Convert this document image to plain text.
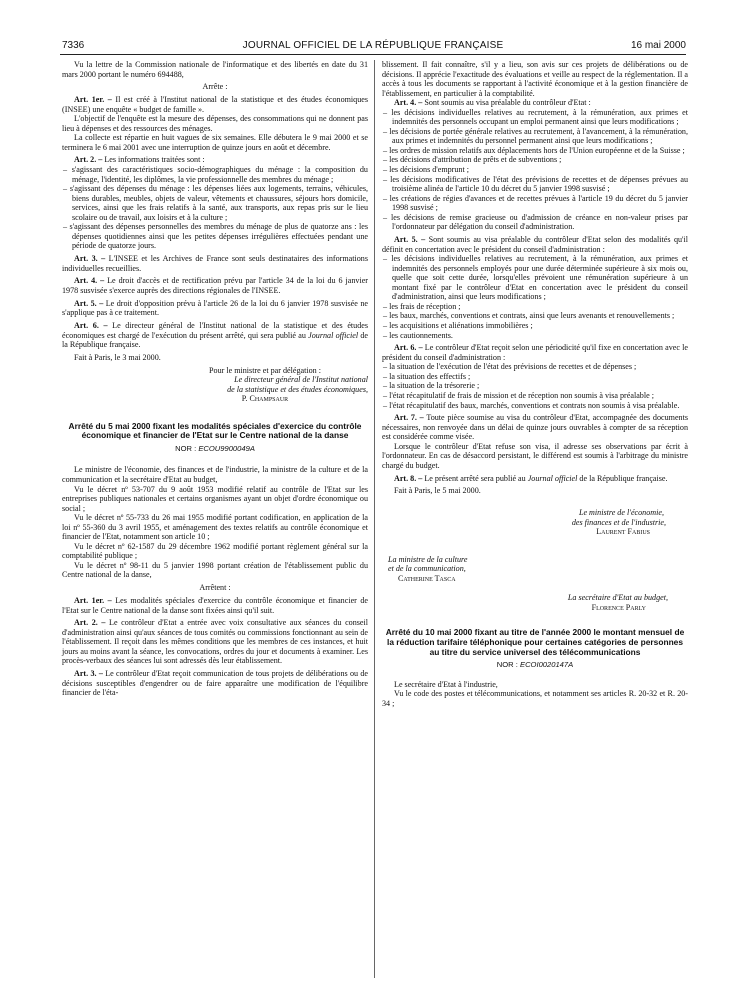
7336	JOURNAL OFFICIEL DE LA RÉPUBLIQUE FRANÇAISE	16 mai 2000

Vu la lettre de la Commission nationale de l'informatique et des libertés en date du 31 mars 2000 portant le numéro 694488,

Arrête :

Art. 1er. – Il est créé à l'Institut national de la statistique et des études économiques (INSEE) une enquête « budget de famille ».

L'objectif de l'enquête est la mesure des dépenses, des consommations qui ne donnent pas lieu à dépenses et des ressources des ménages.

La collecte est répartie en huit vagues de six semaines. Elle débutera le 9 mai 2000 et se terminera le 6 mai 2001 avec une interruption de quinze jours en août et décembre.

Art. 2. – Les informations traitées sont :

– s'agissant des caractéristiques socio-démographiques du ménage : la composition du ménage, l'identité, les diplômes, la vie professionnelle des membres du ménage ;

– s'agissant des dépenses du ménage : les dépenses liées aux logements, terrains, véhicules, biens durables, meubles, objets de valeur, vêtements et chaussures, séjours hors domicile, services, ainsi que les frais relatifs à la santé, aux transports, aux repas pris sur le lieu scolaire ou de travail, aux loisirs et à la culture ;

– s'agissant des dépenses personnelles des membres du ménage de plus de quatorze ans : les dépenses quotidiennes ainsi que les petites dépenses irrégulières effectuées pendant une période de quatorze jours.

Art. 3. – L'INSEE et les Archives de France sont seuls destinataires des informations individuelles recueillies.

Art. 4. – Le droit d'accès et de rectification prévu par l'article 34 de la loi du 6 janvier 1978 susvisée s'exerce auprès des directions régionales de l'INSEE.

Art. 5. – Le droit d'opposition prévu à l'article 26 de la loi du 6 janvier 1978 susvisée ne s'applique pas à ce traitement.

Art. 6. – Le directeur général de l'Institut national de la statistique et des études économiques est chargé de l'exécution du présent arrêté, qui sera publié au Journal officiel de la République française.

Fait à Paris, le 3 mai 2000.

Pour le ministre et par délégation :

Le directeur général de l'Institut national

de la statistique et des études économiques,

P. Champsaur

Arrêté du 5 mai 2000 fixant les modalités spéciales d'exercice du contrôle économique et financier de l'Etat sur le Centre national de la danse

NOR : ECOU9900049A

Le ministre de l'économie, des finances et de l'industrie, la ministre de la culture et de la communication et la secrétaire d'Etat au budget,

Vu le décret nº 53-707 du 9 août 1953 modifié relatif au contrôle de l'Etat sur les entreprises publiques nationales et certains organismes ayant un objet d'ordre économique ou social ;

Vu le décret nº 55-733 du 26 mai 1955 modifié portant codification, en application de la loi nº 55-360 du 3 avril 1955, et aménagement des textes relatifs au contrôle économique et financier de l'Etat, notamment son article 10 ;

Vu le décret nº 62-1587 du 29 décembre 1962 modifié portant règlement général sur la comptabilité publique ;

Vu le décret nº 98-11 du 5 janvier 1998 portant création de l'établissement public du Centre national de la danse,

Arrêtent :

Art. 1er. – Les modalités spéciales d'exercice du contrôle économique et financier de l'Etat sur le Centre national de la danse sont fixées ainsi qu'il suit.

Art. 2. – Le contrôleur d'Etat a entrée avec voix consultative aux séances du conseil d'administration ainsi qu'aux séances de tous comités ou commissions fonctionnant au sein de l'établissement. Il reçoit dans les mêmes conditions que les membres de ces instances, et huit jours au moins avant la séance, les convocations, ordres du jour et documents à examiner. Les procès-verbaux des séances lui sont adressés dès leur établissement.

Art. 3. – Le contrôleur d'Etat reçoit communication de tous projets de délibérations ou de décisions susceptibles d'engendrer ou de faire apparaître une modification de l'équilibre financier de l'éta-

blissement. Il fait connaître, s'il y a lieu, son avis sur ces projets de délibérations ou de décisions. Il apprécie l'exactitude des évaluations et veille au respect de la réglementation. Il a accès à tous les documents se rapportant à l'activité économique et à la gestion financière de l'établissement, en particulier à la comptabilité.

Art. 4. – Sont soumis au visa préalable du contrôleur d'Etat :

– les décisions individuelles relatives au recrutement, à la rémunération, aux primes et indemnités des personnels occupant un emploi permanent ainsi que leurs modifications ;

– les décisions de portée générale relatives au recrutement, à l'avancement, à la rémunération, aux primes et indemnités du personnel permanent ainsi que leurs modifications ;

– les ordres de mission relatifs aux déplacements hors de l'Union européenne et de la Suisse ;

– les décisions d'attribution de prêts et de subventions ;

– les décisions d'emprunt ;

– les décisions modificatives de l'état des prévisions de recettes et de dépenses prévues au troisième alinéa de l'article 10 du décret du 5 janvier 1998 susvisé ;

– les créations de régies d'avances et de recettes prévues à l'article 19 du décret du 5 janvier 1998 susvisé ;

– les décisions de remise gracieuse ou d'admission de créance en non-valeur prises par l'ordonnateur par délégation du conseil d'administration.

Art. 5. – Sont soumis au visa préalable du contrôleur d'Etat selon des modalités qu'il définit en concertation avec le président du conseil d'administration :

– les décisions individuelles relatives au recrutement, à la rémunération, aux primes et indemnités des personnels employés pour une durée déterminée supérieure à six mois ou, quelle que soit cette durée, lorsqu'elles prévoient une rémunération supérieure à un montant fixé par le contrôleur d'Etat en concertation avec le président du conseil d'administration, ainsi que leurs modifications ;

– les frais de réception ;

– les baux, marchés, conventions et contrats, ainsi que leurs avenants et renouvellements ;

– les acquisitions et aliénations immobilières ;

– les cautionnements.

Art. 6. – Le contrôleur d'Etat reçoit selon une périodicité qu'il fixe en concertation avec le président du conseil d'administration :

– la situation de l'exécution de l'état des prévisions de recettes et de dépenses ;

– la situation des effectifs ;

– la situation de la trésorerie ;

– l'état récapitulatif de frais de mission et de réception non soumis à visa préalable ;

– l'état récapitulatif des baux, marchés, conventions et contrats non soumis à visa préalable.

Art. 7. – Toute pièce soumise au visa du contrôleur d'Etat, accompagnée des documents nécessaires, non renvoyée dans un délai de quinze jours ouvrables à compter de sa réception est considérée comme visée.

Lorsque le contrôleur d'Etat refuse son visa, il adresse ses observations par écrit à l'ordonnateur. En cas de désaccord persistant, le différend est soumis à l'arbitrage du ministre chargé du budget.

Art. 8. – Le présent arrêté sera publié au Journal officiel de la République française.

Fait à Paris, le 5 mai 2000.

Le ministre de l'économie,

des finances et de l'industrie,

Laurent Fabius

La ministre de la culture

et de la communication,

Catherine Tasca

La secrétaire d'Etat au budget,

Florence Parly

Arrêté du 10 mai 2000 fixant au titre de l'année 2000 le montant mensuel de la réduction tarifaire téléphonique pour certaines catégories de personnes au titre du service universel des télécommunications

NOR : ECOI0020147A

Le secrétaire d'Etat à l'industrie,

Vu le code des postes et télécommunications, et notamment ses articles R. 20-32 et R. 20-34 ;
